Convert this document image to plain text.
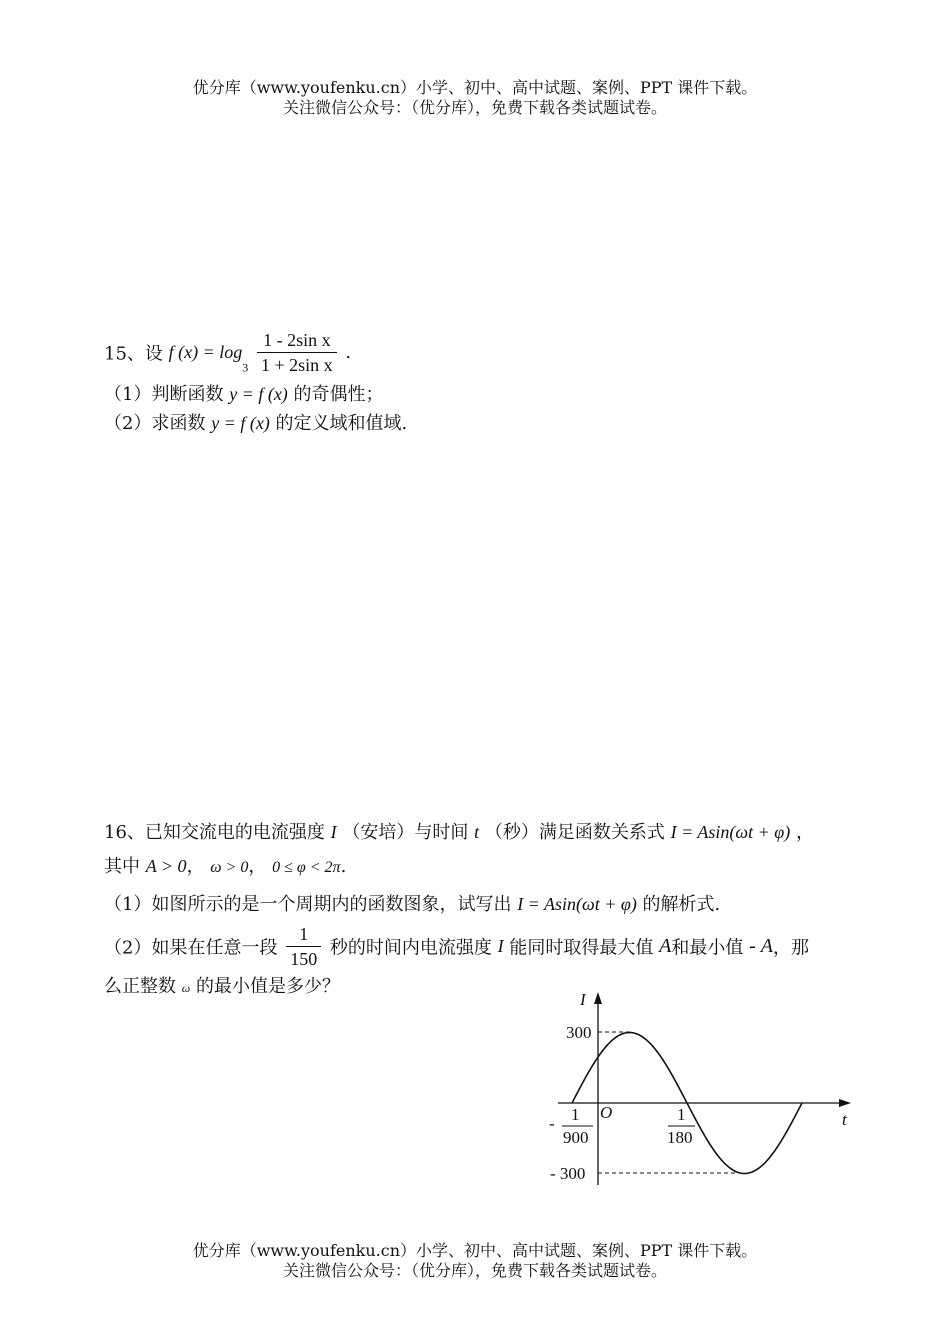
优分库（www.youfenku.cn）小学、初中、高中试题、案例、PPT 课件下载。
关注微信公众号：（优分库），免费下载各类试题试卷。
15、设 f $(x) = \log_3 \frac{\text{1 - 2sin x}}{\text{1 + 2sin x}}$ .
（1）判断函数 y = f (x) 的奇偶性；
（2）求函数 y = f (x) 的定义域和值域.
16、已知交流电的电流强度 I （安培）与时间 t （秒）满足函数关系式 I = Asin(ωt + φ) ，
其中 A > 0， ω > 0， 0 ≤ φ < 2π.
（1）如图所示的是一个周期内的函数图象，试写出 I = Asin(ωt + φ) 的解析式.
（2）如果在任意一段 $\frac{1}{150}$ 秒的时间内电流强度 I 能同时取得最大值 A和最小值 - A，那
么正整数 ω 的最小值是多少？
I
t
O
300
- 300
- 1
900
1
180
优分库（www.youfenku.cn）小学、初中、高中试题、案例、PPT 课件下载。
关注微信公众号：（优分库），免费下载各类试题试卷。
